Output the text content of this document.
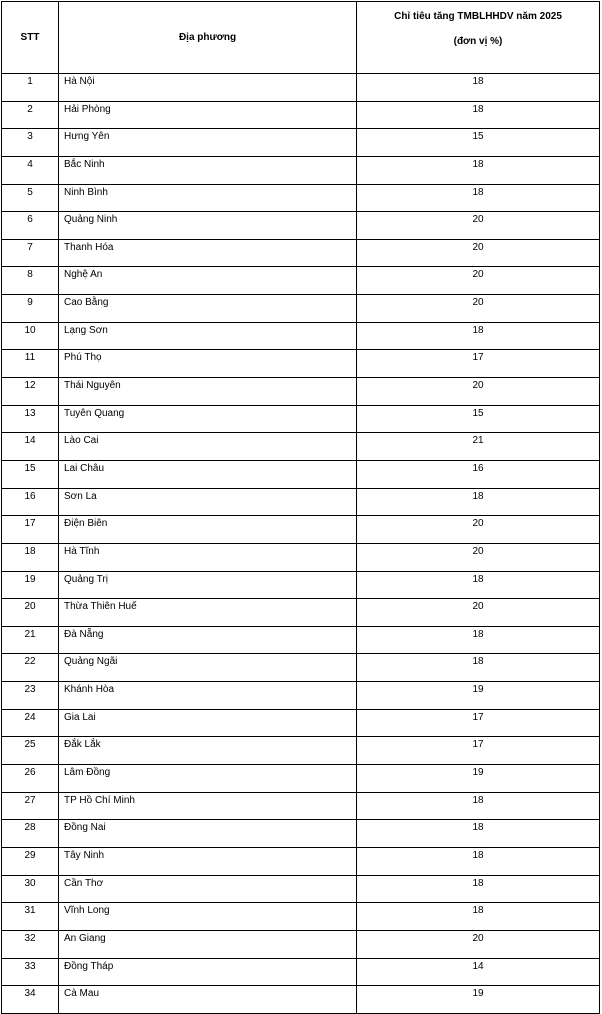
STT	Địa phương	Chỉ tiêu tăng TMBLHHDV năm 2025
(đơn vị %)

1	Hà Nội	18
2	Hải Phòng	18
3	Hưng Yên	15
4	Bắc Ninh	18
5	Ninh Bình	18
6	Quảng Ninh	20
7	Thanh Hóa	20
8	Nghệ An	20
9	Cao Bằng	20
10	Lạng Sơn	18
11	Phú Thọ	17
12	Thái Nguyên	20
13	Tuyên Quang	15
14	Lào Cai	21
15	Lai Châu	16
16	Sơn La	18
17	Điện Biên	20
18	Hà Tĩnh	20
19	Quảng Trị	18
20	Thừa Thiên Huế	20
21	Đà Nẵng	18
22	Quảng Ngãi	18
23	Khánh Hòa	19
24	Gia Lai	17
25	Đắk Lắk	17
26	Lâm Đồng	19
27	TP Hồ Chí Minh	18
28	Đồng Nai	18
29	Tây Ninh	18
30	Cần Thơ	18
31	Vĩnh Long	18
32	An Giang	20
33	Đồng Tháp	14
34	Cà Mau	19
